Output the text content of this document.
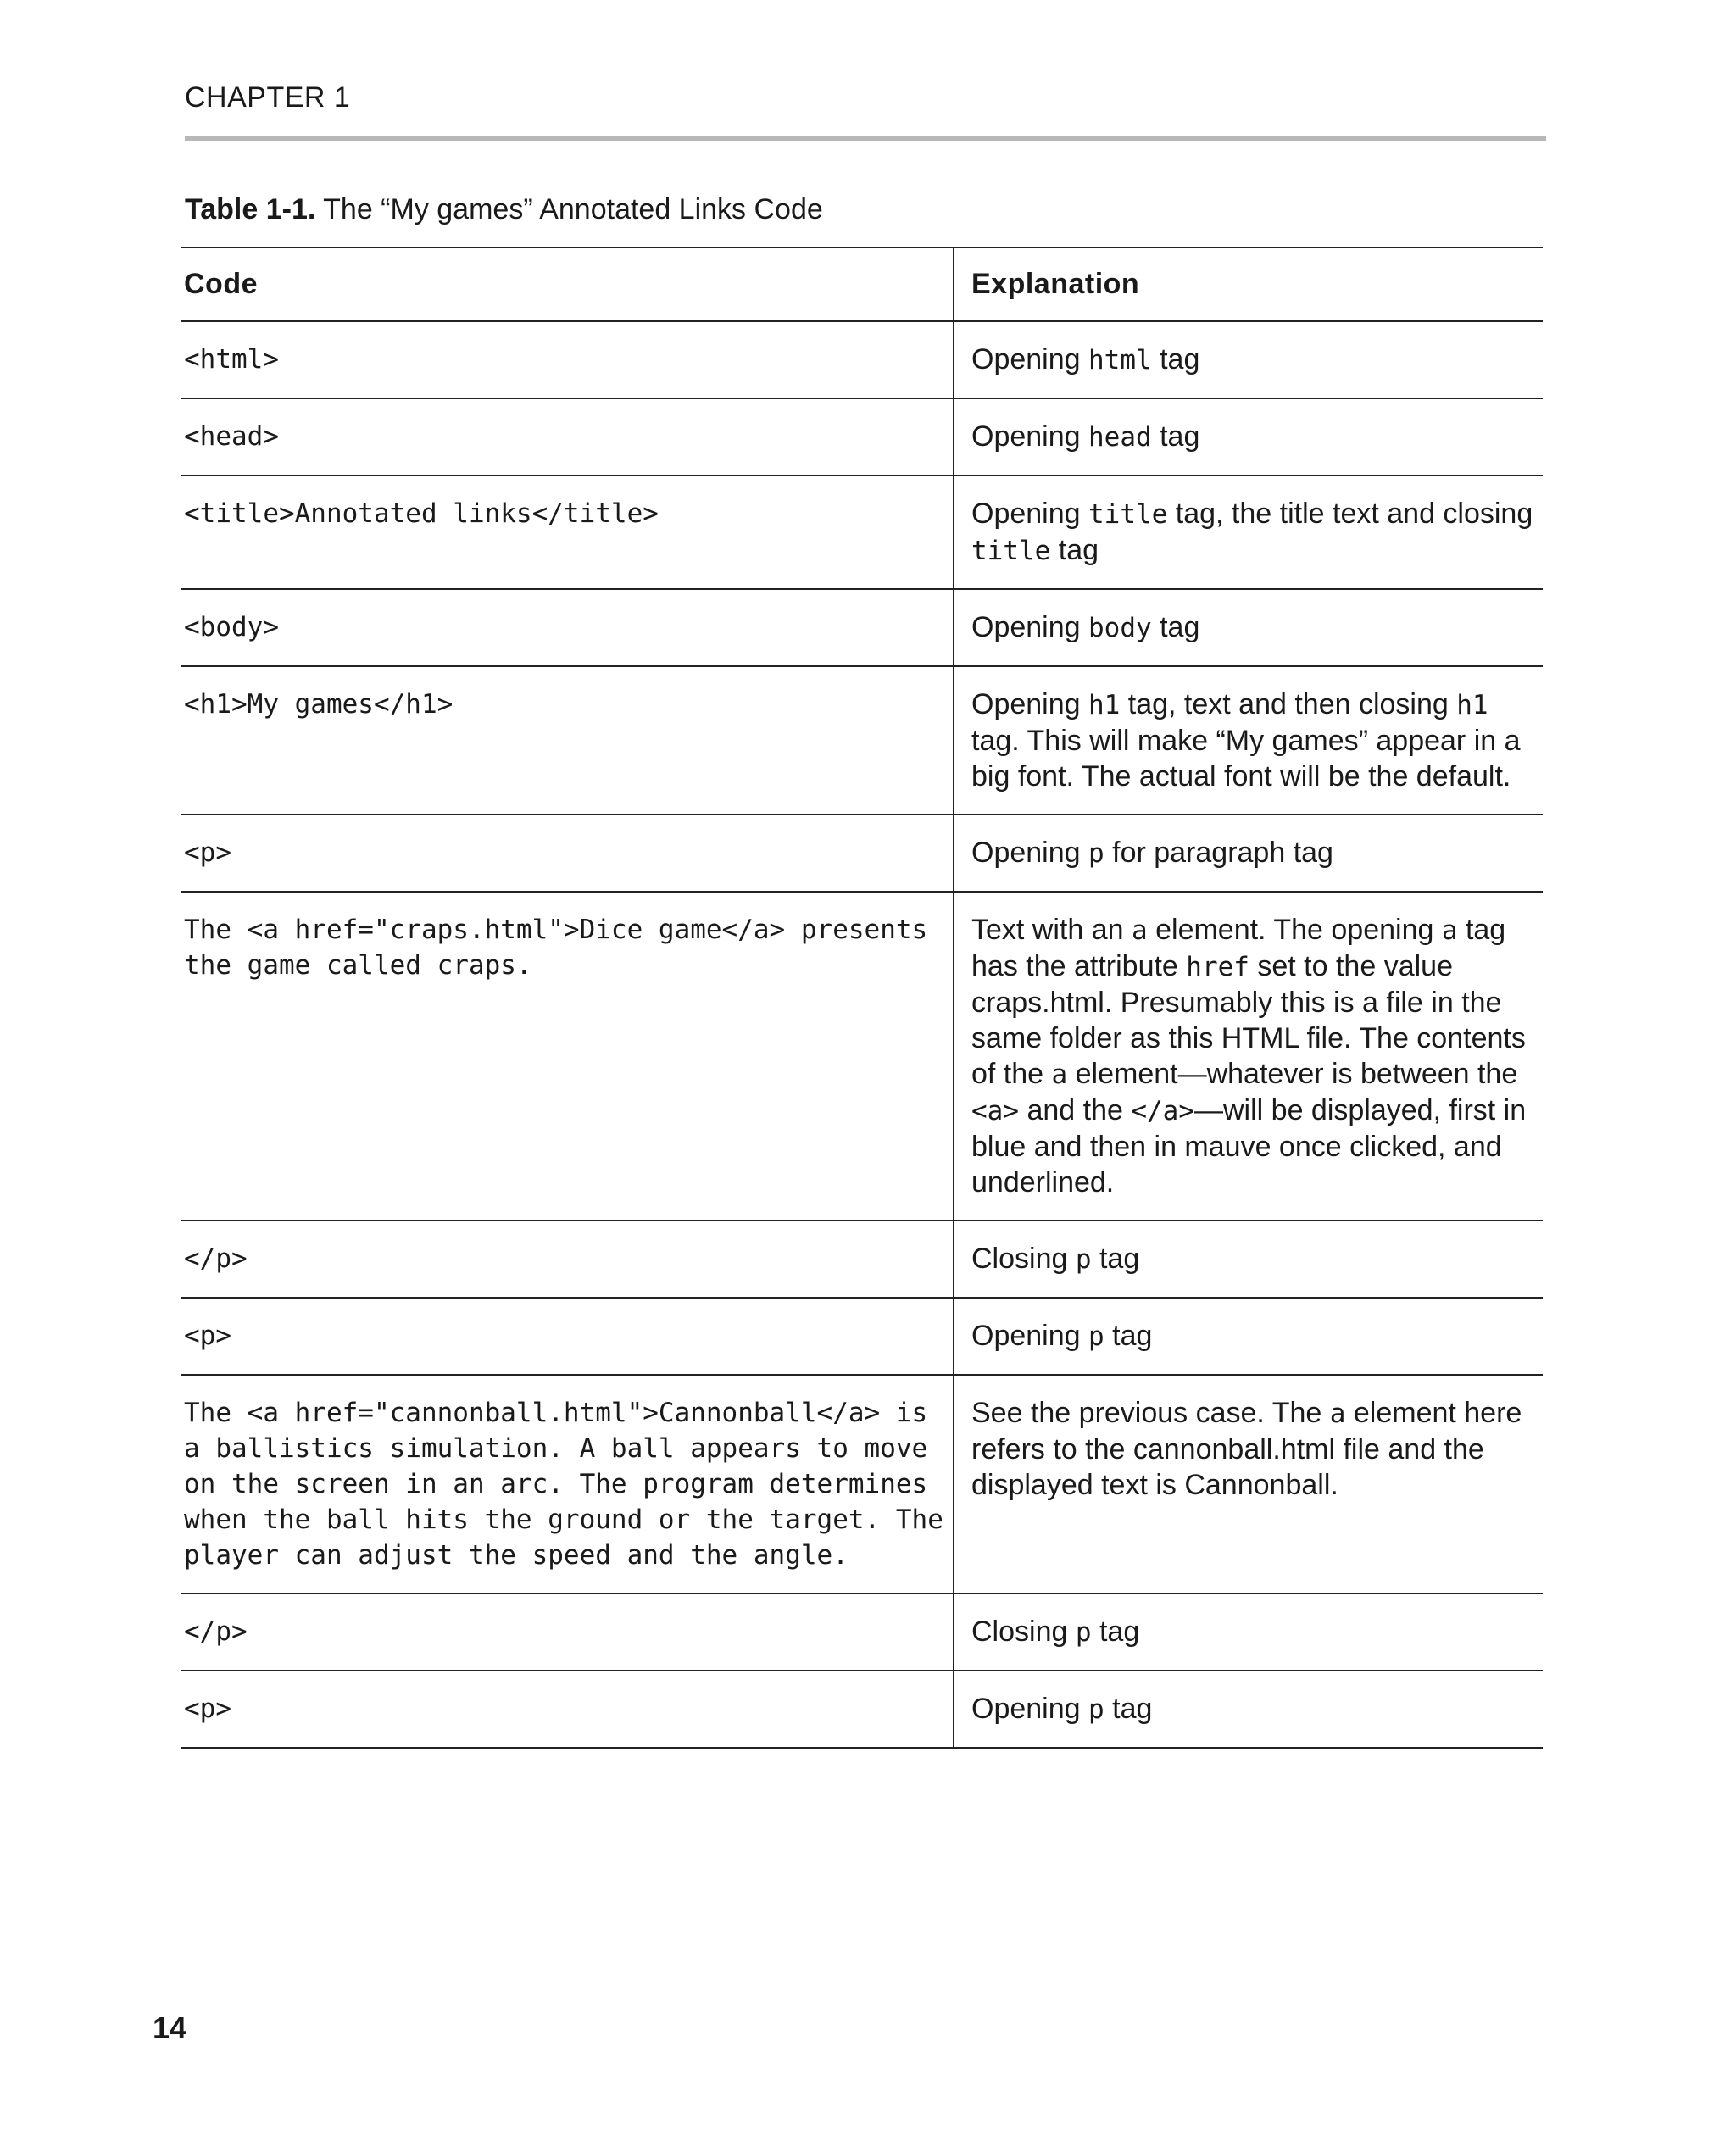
CHAPTER 1
Table 1-1. The “My games” Annotated Links Code
Code	Explanation
<html>	Opening html tag
<head>	Opening head tag
<title>Annotated links</title>	Opening title tag, the title text and closing title tag
<body>	Opening body tag
<h1>My games</h1>	Opening h1 tag, text and then closing h1 tag. This will make “My games” appear in a big font. The actual font will be the default.
<p>	Opening p for paragraph tag
The <a href="craps.html">Dice game</a> presents the game called craps.	Text with an a element. The opening a tag has the attribute href set to the value craps.html. Presumably this is a file in the same folder as this HTML file. The contents of the a element—whatever is between the <a> and the </a>—will be displayed, first in blue and then in mauve once clicked, and underlined.
</p>	Closing p tag
<p>	Opening p tag
The <a href="cannonball.html">Cannonball</a> is a ballistics simulation. A ball appears to move on the screen in an arc. The program determines when the ball hits the ground or the target. The player can adjust the speed and the angle.	See the previous case. The a element here refers to the cannonball.html file and the displayed text is Cannonball.
</p>	Closing p tag
<p>	Opening p tag
14
